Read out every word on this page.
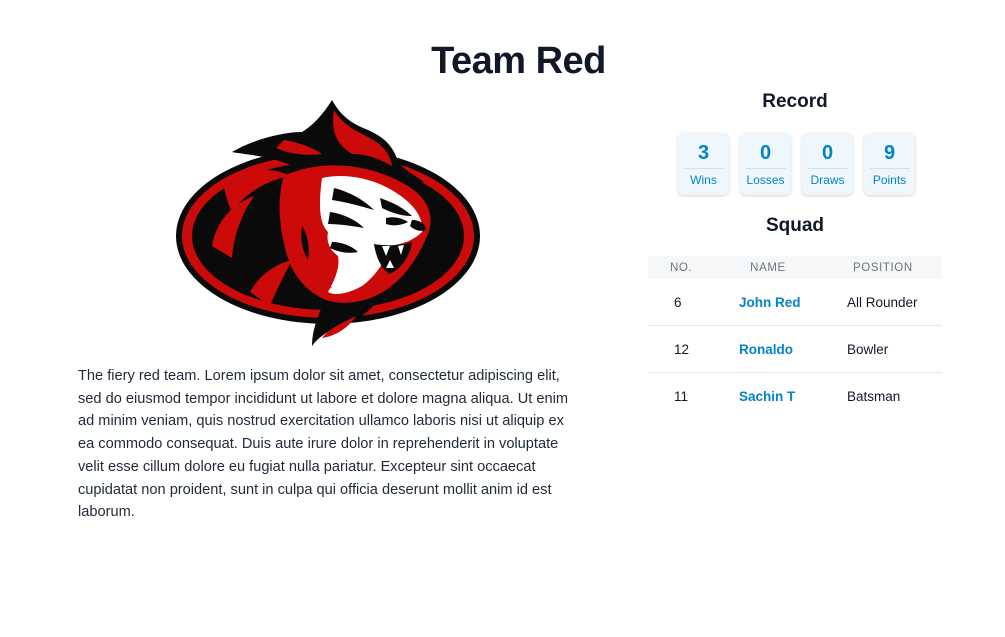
Team Red

The fiery red team. Lorem ipsum dolor sit amet, consectetur adipiscing elit, sed do eiusmod tempor incididunt ut labore et dolore magna aliqua. Ut enim ad minim veniam, quis nostrud exercitation ullamco laboris nisi ut aliquip ex ea commodo consequat. Duis aute irure dolor in reprehenderit in voluptate velit esse cillum dolore eu fugiat nulla pariatur. Excepteur sint occaecat cupidatat non proident, sunt in culpa qui officia deserunt mollit anim id est laborum.

Record
3
Wins
0
Losses
0
Draws
9
Points
Squad
NO.	NAME	POSITION
6	John Red	All Rounder
12	Ronaldo	Bowler
11	Sachin T	Batsman
